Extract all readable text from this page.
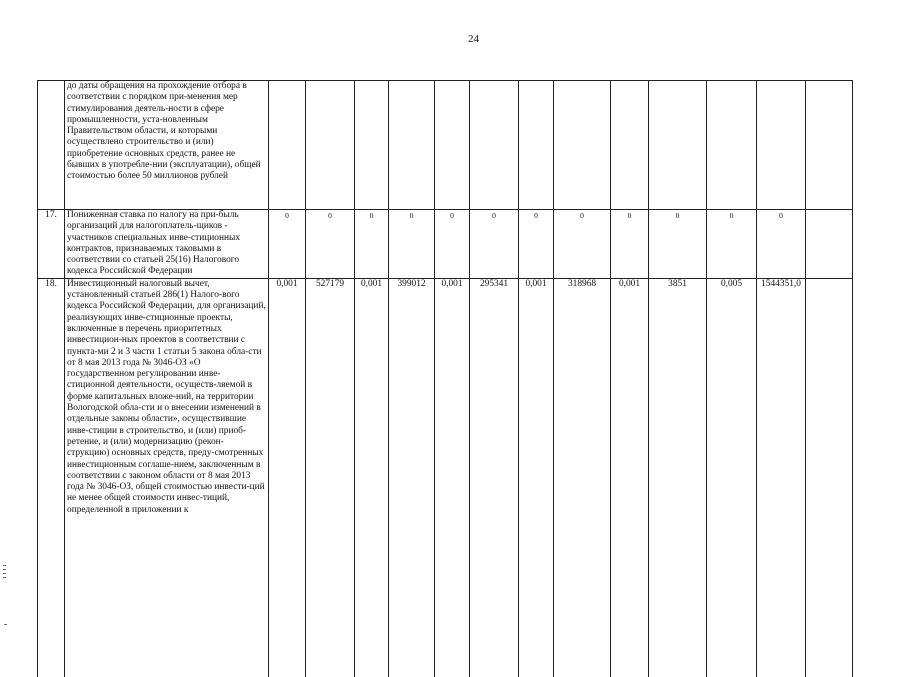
24
	до даты обращения на прохождение отбора в соответствии с порядком при-менения мер стимулирования деятель-ности в сфере промышленности, уста-новленным Правительством области, и которыми осуществлено строительство и (или) приобретение основных средств, ранее не бывших в употребле-нии (эксплуатации), общей стоимостью более 50 миллионов рублей													
17.	Пониженная ставка по налогу на при-быль организаций для налогоплатель-щиков - участников специальных инве-стиционных контрактов, признаваемых таковыми в соответствии со статьей 25(16) Налогового кодекса Российской Федерации	0	0	0	0	0	0	0	0	0	0	0	0	
18.	Инвестиционный налоговый вычет, установленный статьей 286(1) Налого-вого кодекса Российской Федерации, для организаций, реализующих инве-стиционные проекты, включенные в перечень приоритетных инвестицион-ных проектов в соответствии с пункта-ми 2 и 3 части 1 статьи 5 закона обла-сти от 8 мая 2013 года № 3046-ОЗ «О государственном регулировании инве-стиционной деятельности, осуществ-ляемой в форме капитальных вложе-ний, на территории Вологодской обла-сти и о внесении изменений в отдельные законы области», осуществившие инве-стиции в строительство, и (или) приоб-ретение, и (или) модернизацию (рекон-струкцию) основных средств, преду-смотренных инвестиционным соглаше-нием, заключенным в соответствии с законом области от 8 мая 2013 года № 3046-ОЗ, общей стоимостью инвести-ций не менее общей стоимости инвес-тиций, определенной в приложении к	0,001	527179	0,001	399012	0,001	295341	0,001	318968	0,001	3851	0,005	1544351,0	
